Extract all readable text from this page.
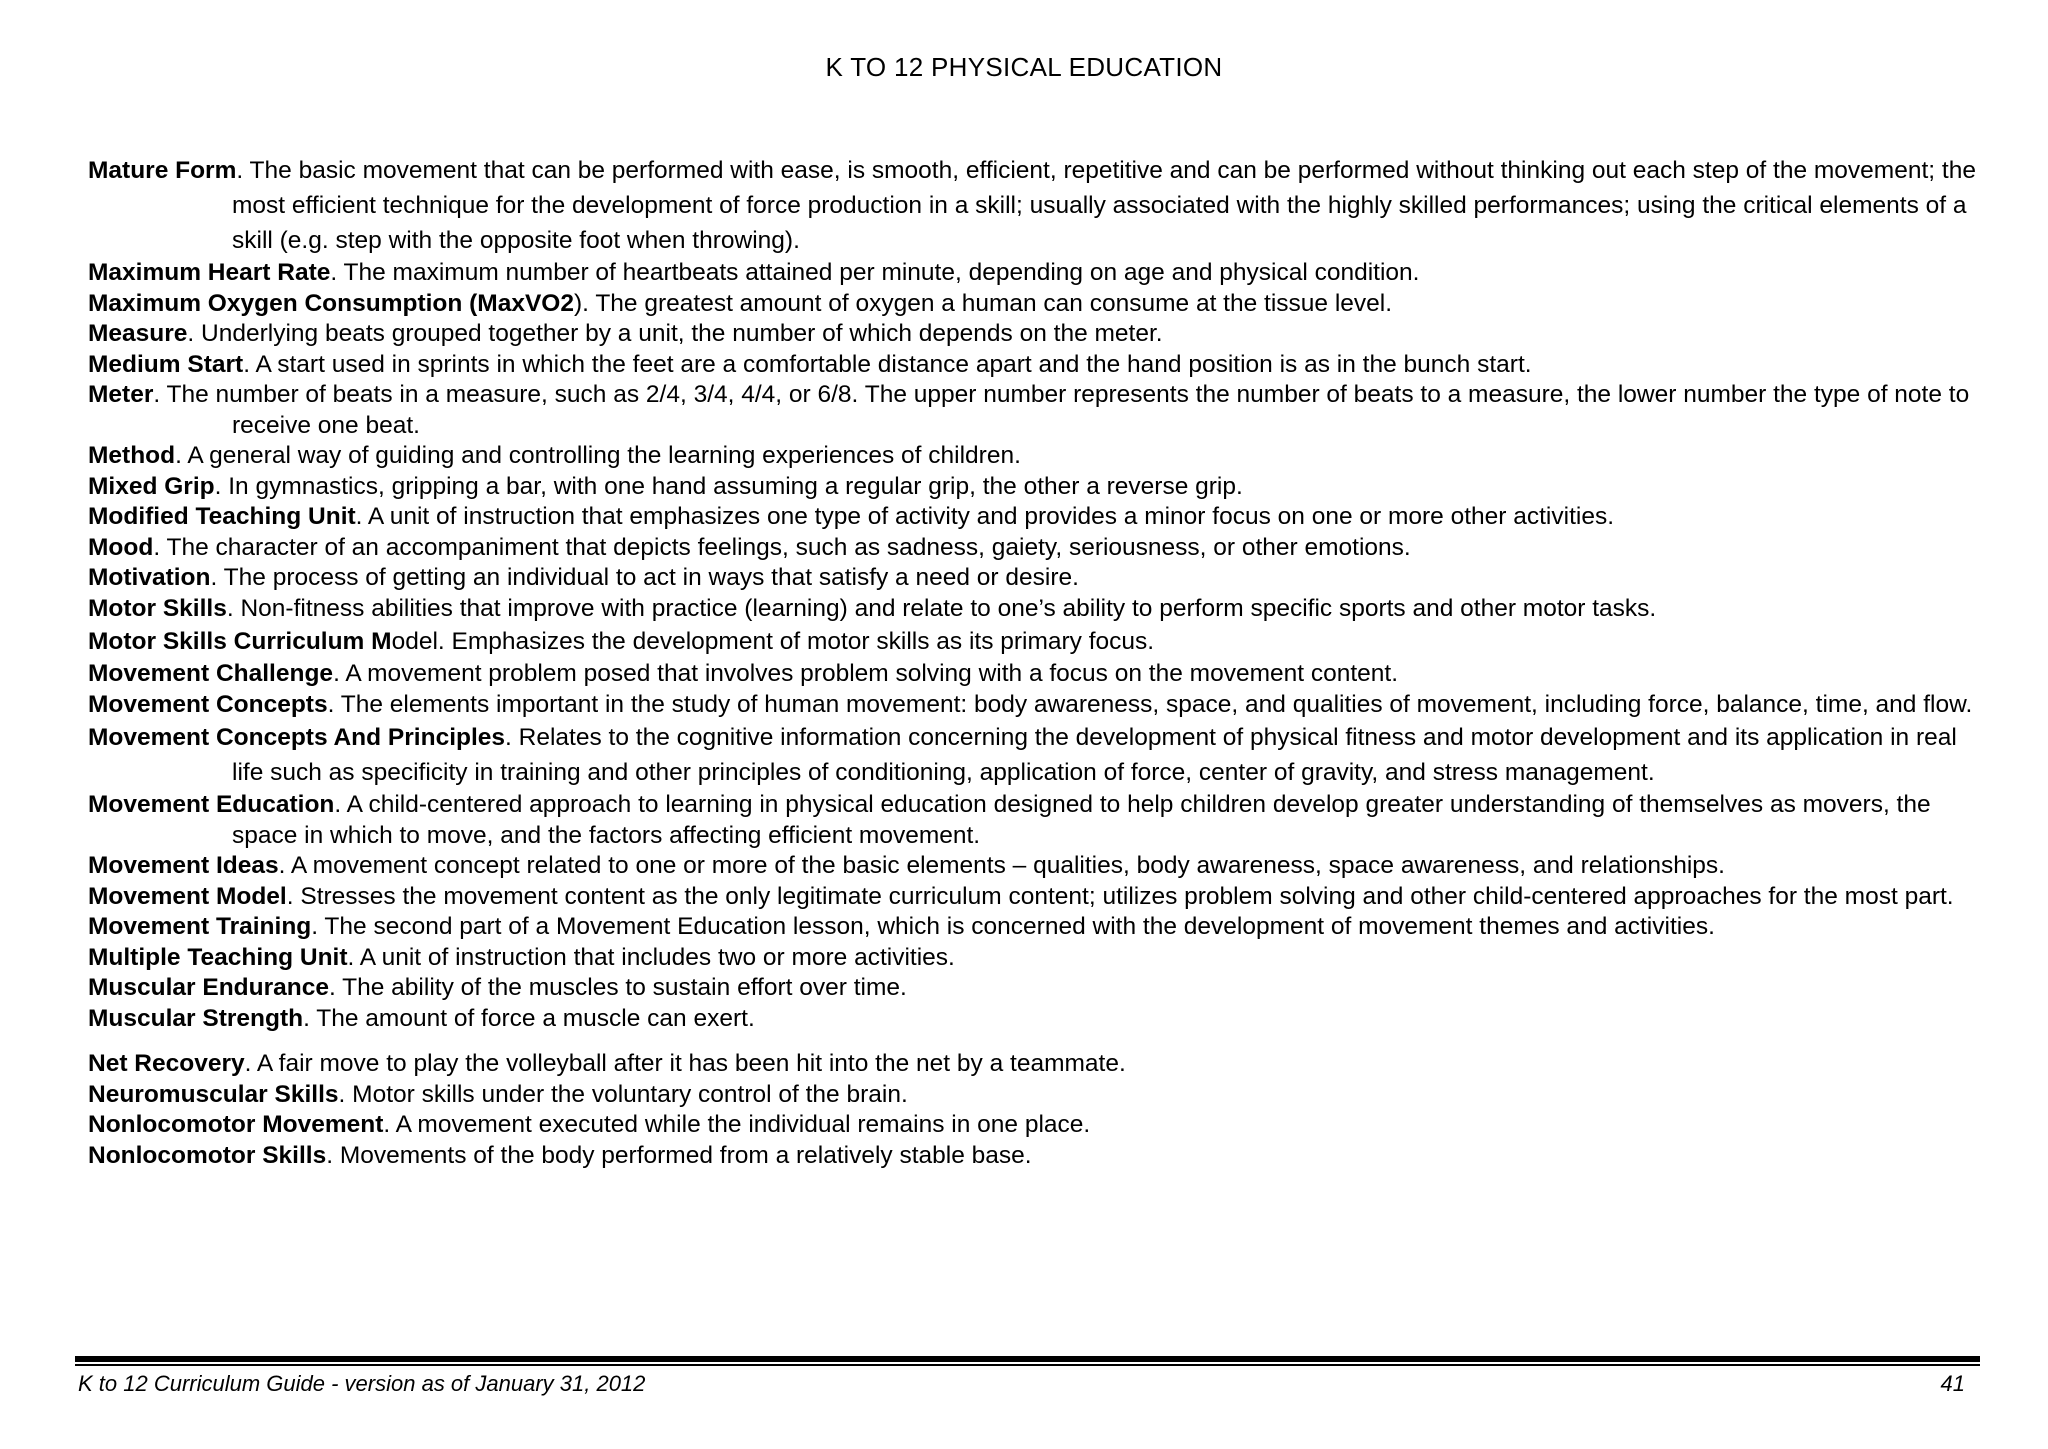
K TO 12 PHYSICAL EDUCATION

Mature Form. The basic movement that can be performed with ease, is smooth, efficient, repetitive and can be performed without thinking out each step of the movement; the most efficient technique for the development of force production in a skill; usually associated with the highly skilled performances; using the critical elements of a skill (e.g. step with the opposite foot when throwing).

Maximum Heart Rate. The maximum number of heartbeats attained per minute, depending on age and physical condition.

Maximum Oxygen Consumption (MaxVO2). The greatest amount of oxygen a human can consume at the tissue level.

Measure. Underlying beats grouped together by a unit, the number of which depends on the meter.

Medium Start. A start used in sprints in which the feet are a comfortable distance apart and the hand position is as in the bunch start.

Meter. The number of beats in a measure, such as 2/4, 3/4, 4/4, or 6/8. The upper number represents the number of beats to a measure, the lower number the type of note to receive one beat.

Method. A general way of guiding and controlling the learning experiences of children.

Mixed Grip. In gymnastics, gripping a bar, with one hand assuming a regular grip, the other a reverse grip.

Modified Teaching Unit. A unit of instruction that emphasizes one type of activity and provides a minor focus on one or more other activities.

Mood. The character of an accompaniment that depicts feelings, such as sadness, gaiety, seriousness, or other emotions.

Motivation. The process of getting an individual to act in ways that satisfy a need or desire.

Motor Skills. Non-fitness abilities that improve with practice (learning) and relate to one’s ability to perform specific sports and other motor tasks.

Motor Skills Curriculum Model. Emphasizes the development of motor skills as its primary focus.

Movement Challenge. A movement problem posed that involves problem solving with a focus on the movement content.

Movement Concepts. The elements important in the study of human movement: body awareness, space, and qualities of movement, including force, balance, time, and flow.

Movement Concepts And Principles. Relates to the cognitive information concerning the development of physical fitness and motor development and its application in real life such as specificity in training and other principles of conditioning, application of force, center of gravity, and stress management.

Movement Education. A child-centered approach to learning in physical education designed to help children develop greater understanding of themselves as movers, the space in which to move, and the factors affecting efficient movement.

Movement Ideas. A movement concept related to one or more of the basic elements – qualities, body awareness, space awareness, and relationships.

Movement Model. Stresses the movement content as the only legitimate curriculum content; utilizes problem solving and other child-centered approaches for the most part.

Movement Training. The second part of a Movement Education lesson, which is concerned with the development of movement themes and activities.

Multiple Teaching Unit. A unit of instruction that includes two or more activities.

Muscular Endurance. The ability of the muscles to sustain effort over time.

Muscular Strength. The amount of force a muscle can exert.

Net Recovery. A fair move to play the volleyball after it has been hit into the net by a teammate.

Neuromuscular Skills. Motor skills under the voluntary control of the brain.

Nonlocomotor Movement. A movement executed while the individual remains in one place.

Nonlocomotor Skills. Movements of the body performed from a relatively stable base.

K to 12 Curriculum Guide - version as of January 31, 2012	41
